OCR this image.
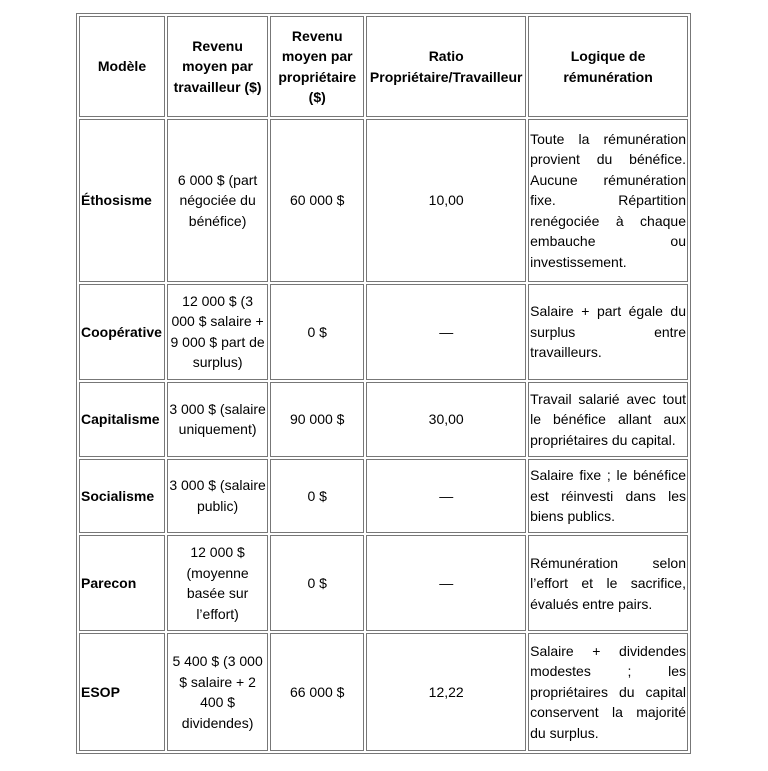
Modèle	Revenu moyen par travailleur ($)	Revenu moyen par propriétaire ($)	Ratio Propriétaire/Travailleur	Logique de rémunération
Éthosisme	6 000 $ (part négociée du bénéfice)	60 000 $	10,00	Toute la rémunération provient du bénéfice. Aucune rémunération fixe. Répartition renégociée à chaque embauche ou investissement.
Coopérative	12 000 $ (3 000 $ salaire + 9 000 $ part de surplus)	0 $	—	Salaire + part égale du surplus entre travailleurs.
Capitalisme	3 000 $ (salaire uniquement)	90 000 $	30,00	Travail salarié avec tout le bénéfice allant aux propriétaires du capital.
Socialisme	3 000 $ (salaire public)	0 $	—	Salaire fixe ; le bénéfice est réinvesti dans les biens publics.
Parecon	12 000 $ (moyenne basée sur l’effort)	0 $	—	Rémunération selon l’effort et le sacrifice, évalués entre pairs.
ESOP	5 400 $ (3 000 $ salaire + 2 400 $ dividendes)	66 000 $	12,22	Salaire + dividendes modestes ; les propriétaires du capital conservent la majorité du surplus.
